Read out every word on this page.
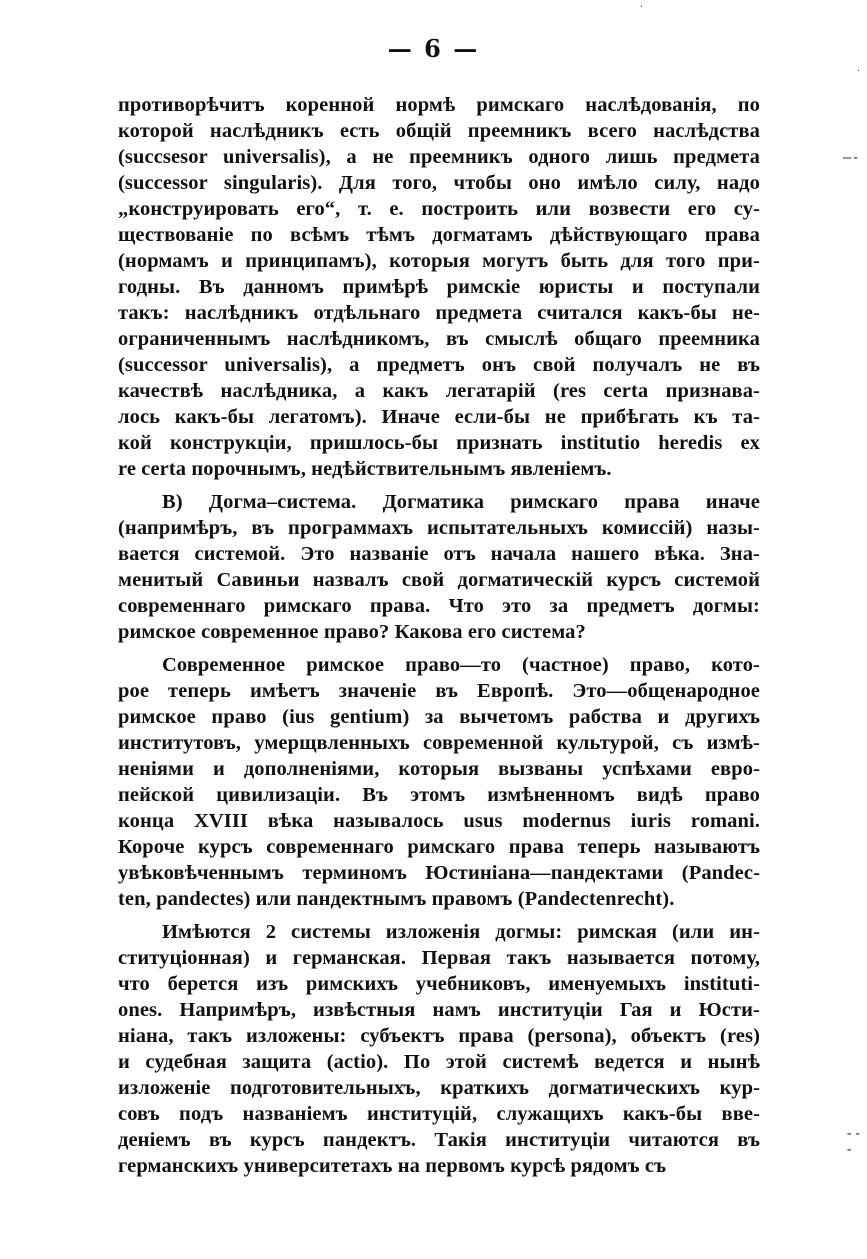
·
·
— 6 —
—-
---
противорѣчитъ коренной нормѣ римскаго наслѣдованія, по
которой наслѣдникъ есть общій преемникъ всего наслѣдства
(succsesor universalis), а не преемникъ одного лишь предмета
(successor singularis). Для того, чтобы оно имѣло силу, надо
„конструировать его“, т. е. построить или возвести его су-
ществованіе по всѣмъ тѣмъ догматамъ дѣйствующаго права
(нормамъ и принципамъ), которыя могутъ быть для того при-
годны. Въ данномъ примѣрѣ римскіе юристы и поступали
такъ: наслѣдникъ отдѣльнаго предмета считался какъ-бы не-
ограниченнымъ наслѣдникомъ, въ смыслѣ общаго преемника
(successor universalis), а предметъ онъ свой получалъ не въ
качествѣ наслѣдника, а какъ легатарій (res certa признава-
лось какъ-бы легатомъ). Иначе если-бы не прибѣгать къ та-
кой конструкціи, пришлось-бы признать institutio heredis ex
re certa порочнымъ, недѣйствительнымъ явленіемъ.
В) Догма–система. Догматика римскаго права иначе
(напримѣръ, въ программахъ испытательныхъ комиссій) назы-
вается системой. Это названіе отъ начала нашего вѣка. Зна-
менитый Савиньи назвалъ свой догматическій курсъ системой
современнаго римскаго права. Что это за предметъ догмы:
римское современное право? Какова его система?
Современное римское право—то (частное) право, кото-
рое теперь имѣетъ значеніе въ Европѣ. Это—общенародное
римское право (ius gentium) за вычетомъ рабства и другихъ
институтовъ, умерщвленныхъ современной культурой, съ измѣ-
неніями и дополненіями, которыя вызваны успѣхами евро-
пейской цивилизаціи. Въ этомъ измѣненномъ видѣ право
конца XVIII вѣка называлось usus modernus iuris romani.
Короче курсъ современнаго римскаго права теперь называютъ
увѣковѣченнымъ терминомъ Юстиніана—пандектами (Pandec-
ten, pandectes) или пандектнымъ правомъ (Pandectenrecht).
Имѣются 2 системы изложенія догмы: римская (или ин-
ституціонная) и германская. Первая такъ называется потому,
что берется изъ римскихъ учебниковъ, именуемыхъ instituti-
ones. Напримѣръ, извѣстныя намъ институціи Гая и Юсти-
ніана, такъ изложены: субъектъ права (persona), объектъ (res)
и судебная защита (actio). По этой системѣ ведется и нынѣ
изложеніе подготовительныхъ, краткихъ догматическихъ кур-
совъ подъ названіемъ институцій, служащихъ какъ-бы вве-
деніемъ въ курсъ пандектъ. Такія институціи читаются въ
германскихъ университетахъ на первомъ курсѣ рядомъ съ
